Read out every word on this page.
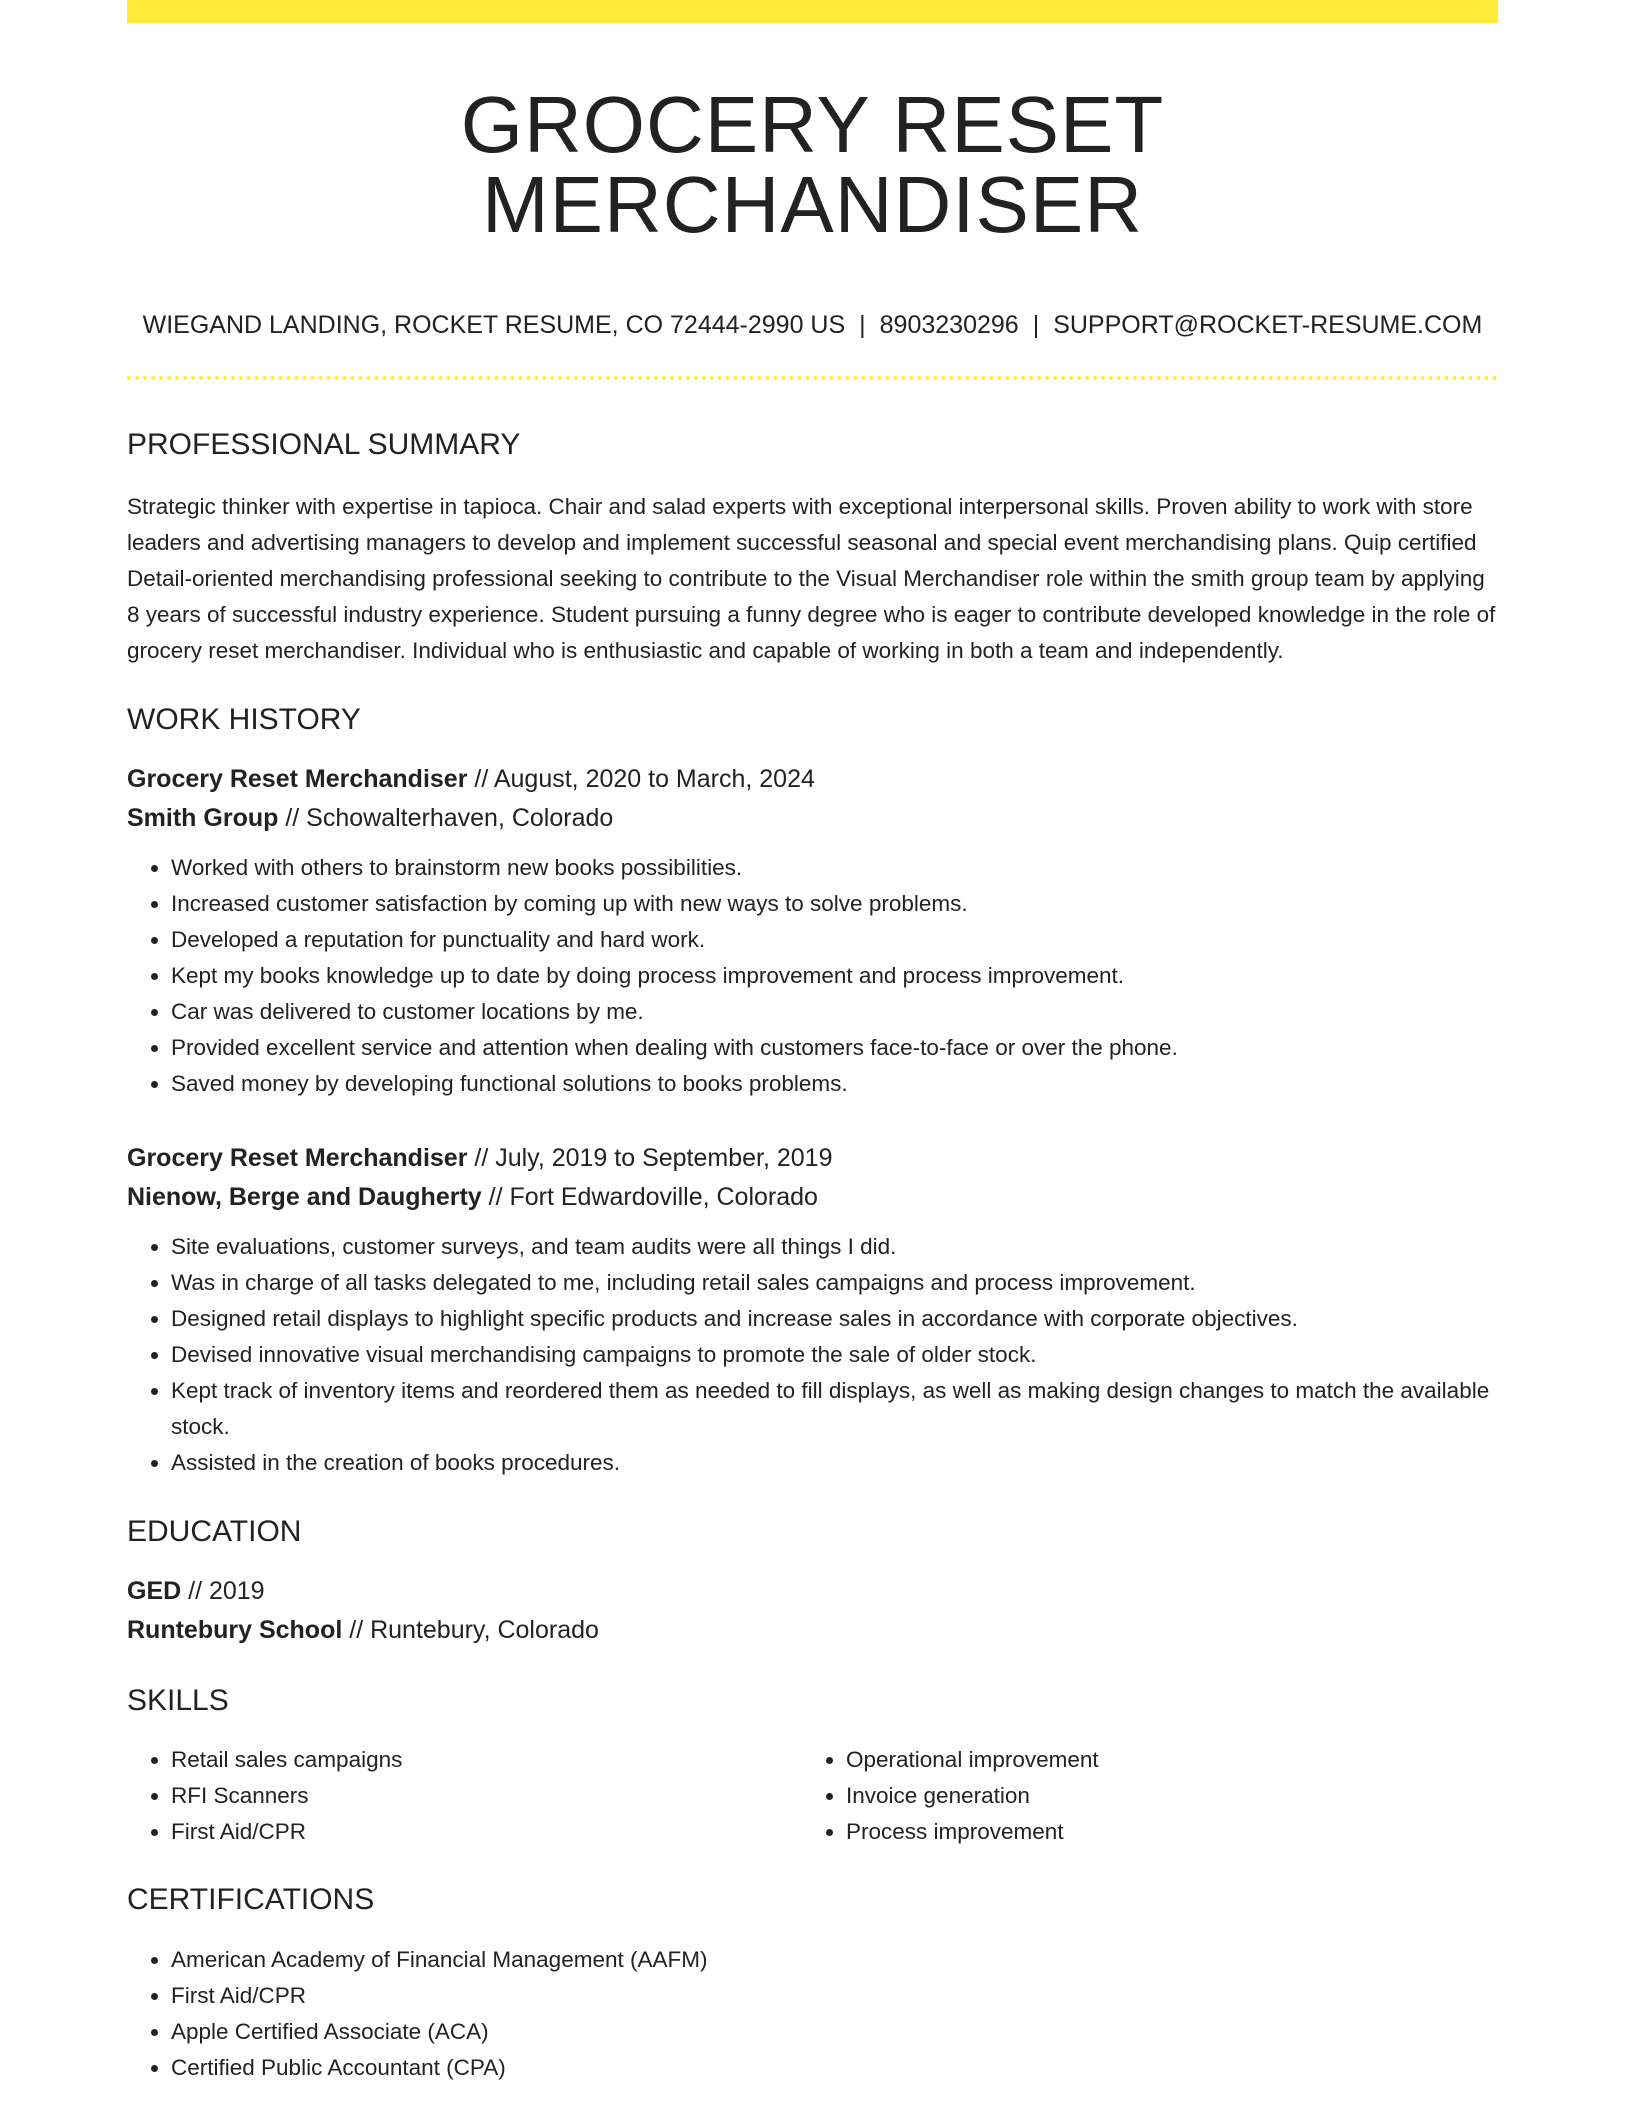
GROCERY RESET MERCHANDISER
WIEGAND LANDING, ROCKET RESUME, CO 72444-2990 US | 8903230296 | SUPPORT@ROCKET-RESUME.COM
PROFESSIONAL SUMMARY

Strategic thinker with expertise in tapioca. Chair and salad experts with exceptional interpersonal skills. Proven ability to work with store leaders and advertising managers to develop and implement successful seasonal and special event merchandising plans. Quip certified Detail-oriented merchandising professional seeking to contribute to the Visual Merchandiser role within the smith group team by applying 8 years of successful industry experience. Student pursuing a funny degree who is eager to contribute developed knowledge in the role of grocery reset merchandiser. Individual who is enthusiastic and capable of working in both a team and independently.

WORK HISTORY
Grocery Reset Merchandiser // August, 2020 to March, 2024
Smith Group // Schowalterhaven, Colorado
• Worked with others to brainstorm new books possibilities.
• Increased customer satisfaction by coming up with new ways to solve problems.
• Developed a reputation for punctuality and hard work.
• Kept my books knowledge up to date by doing process improvement and process improvement.
• Car was delivered to customer locations by me.
• Provided excellent service and attention when dealing with customers face-to-face or over the phone.
• Saved money by developing functional solutions to books problems.
Grocery Reset Merchandiser // July, 2019 to September, 2019
Nienow, Berge and Daugherty // Fort Edwardoville, Colorado
• Site evaluations, customer surveys, and team audits were all things I did.
• Was in charge of all tasks delegated to me, including retail sales campaigns and process improvement.
• Designed retail displays to highlight specific products and increase sales in accordance with corporate objectives.
• Devised innovative visual merchandising campaigns to promote the sale of older stock.
• Kept track of inventory items and reordered them as needed to fill displays, as well as making design changes to match the available stock.
• Assisted in the creation of books procedures.
EDUCATION
GED // 2019
Runtebury School // Runtebury, Colorado
SKILLS
• Retail sales campaigns
• RFI Scanners
• First Aid/CPR
• Operational improvement
• Invoice generation
• Process improvement
CERTIFICATIONS
• American Academy of Financial Management (AAFM)
• First Aid/CPR
• Apple Certified Associate (ACA)
• Certified Public Accountant (CPA)
